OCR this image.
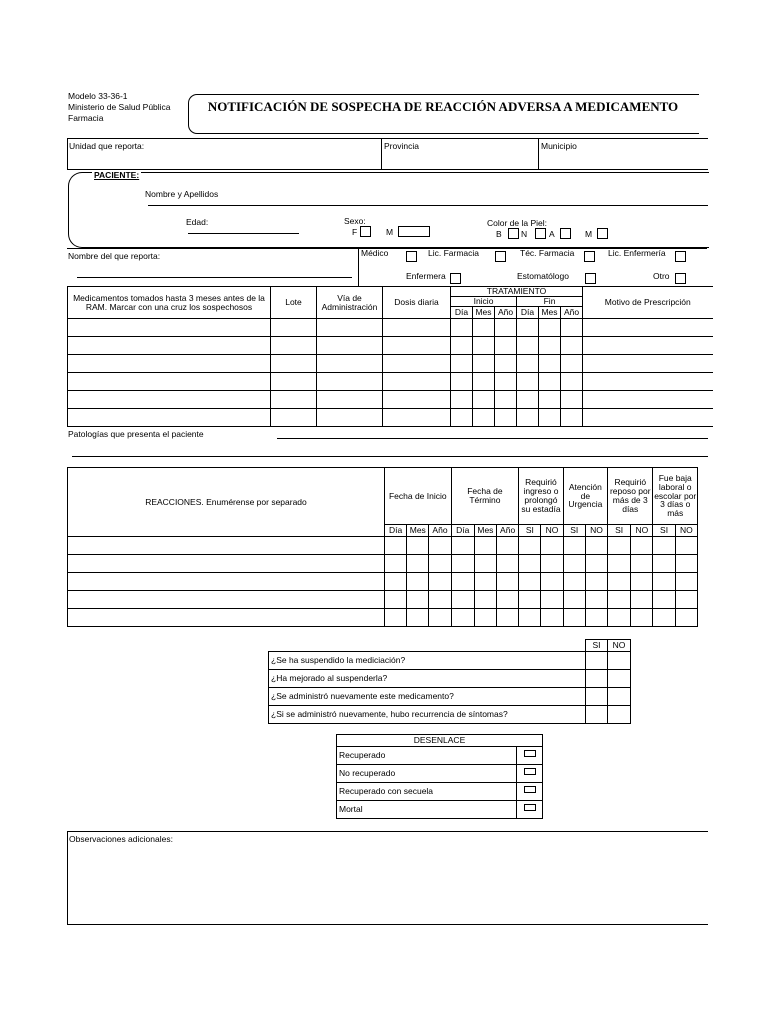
Modelo 33-36-1
Ministerio de Salud Pública
Farmacia
NOTIFICACIÓN DE SOSPECHA DE REACCIÓN ADVERSA A MEDICAMENTO
Unidad que reporta:	Provincia	Municipio
PACIENTE:
Nombre y Apellidos
Edad:	Sexo:
F	M
Color de la Piel:
B N	A	M
Nombre del que reporta:	Médico	Lic. Farmacia	Téc. Farmacia	Lic. Enfermería
Enfermera	Estomatólogo	Otro
Medicamentos tomados hasta 3 meses antes de la RAM. Marcar con una cruz los sospechosos	Lote	Vía de Administración	Dosis diaria	TRATAMIENTO						Motivo de Prescripción
				Inicio			Fin			
				Día	Mes	Año	Día	Mes	Año	

Patologías que presenta el paciente
REACCIONES. Enumérense por separado	Fecha de Inicio			Fecha de Término			Requirió ingreso o prolongó su estadía		Atención de Urgencia		Requirió reposo por más de 3 días		Fue baja laboral o escolar por 3 días o más	
	Día	Mes	Año	Día	Mes	Año	SI	NO	SI	NO	SI	NO	SI	NO

	SI	NO
¿Se ha suspendido la mediciación?		
¿Ha mejorado al suspenderla?		
¿Se administró nuevamente este medicamento?		
¿Si se administró nuevamente, hubo recurrencia de síntomas?		
DESENLACE	
Recuperado	

No recuperado	

Recuperado con secuela	

Mortal	
Observaciones adicionales:
